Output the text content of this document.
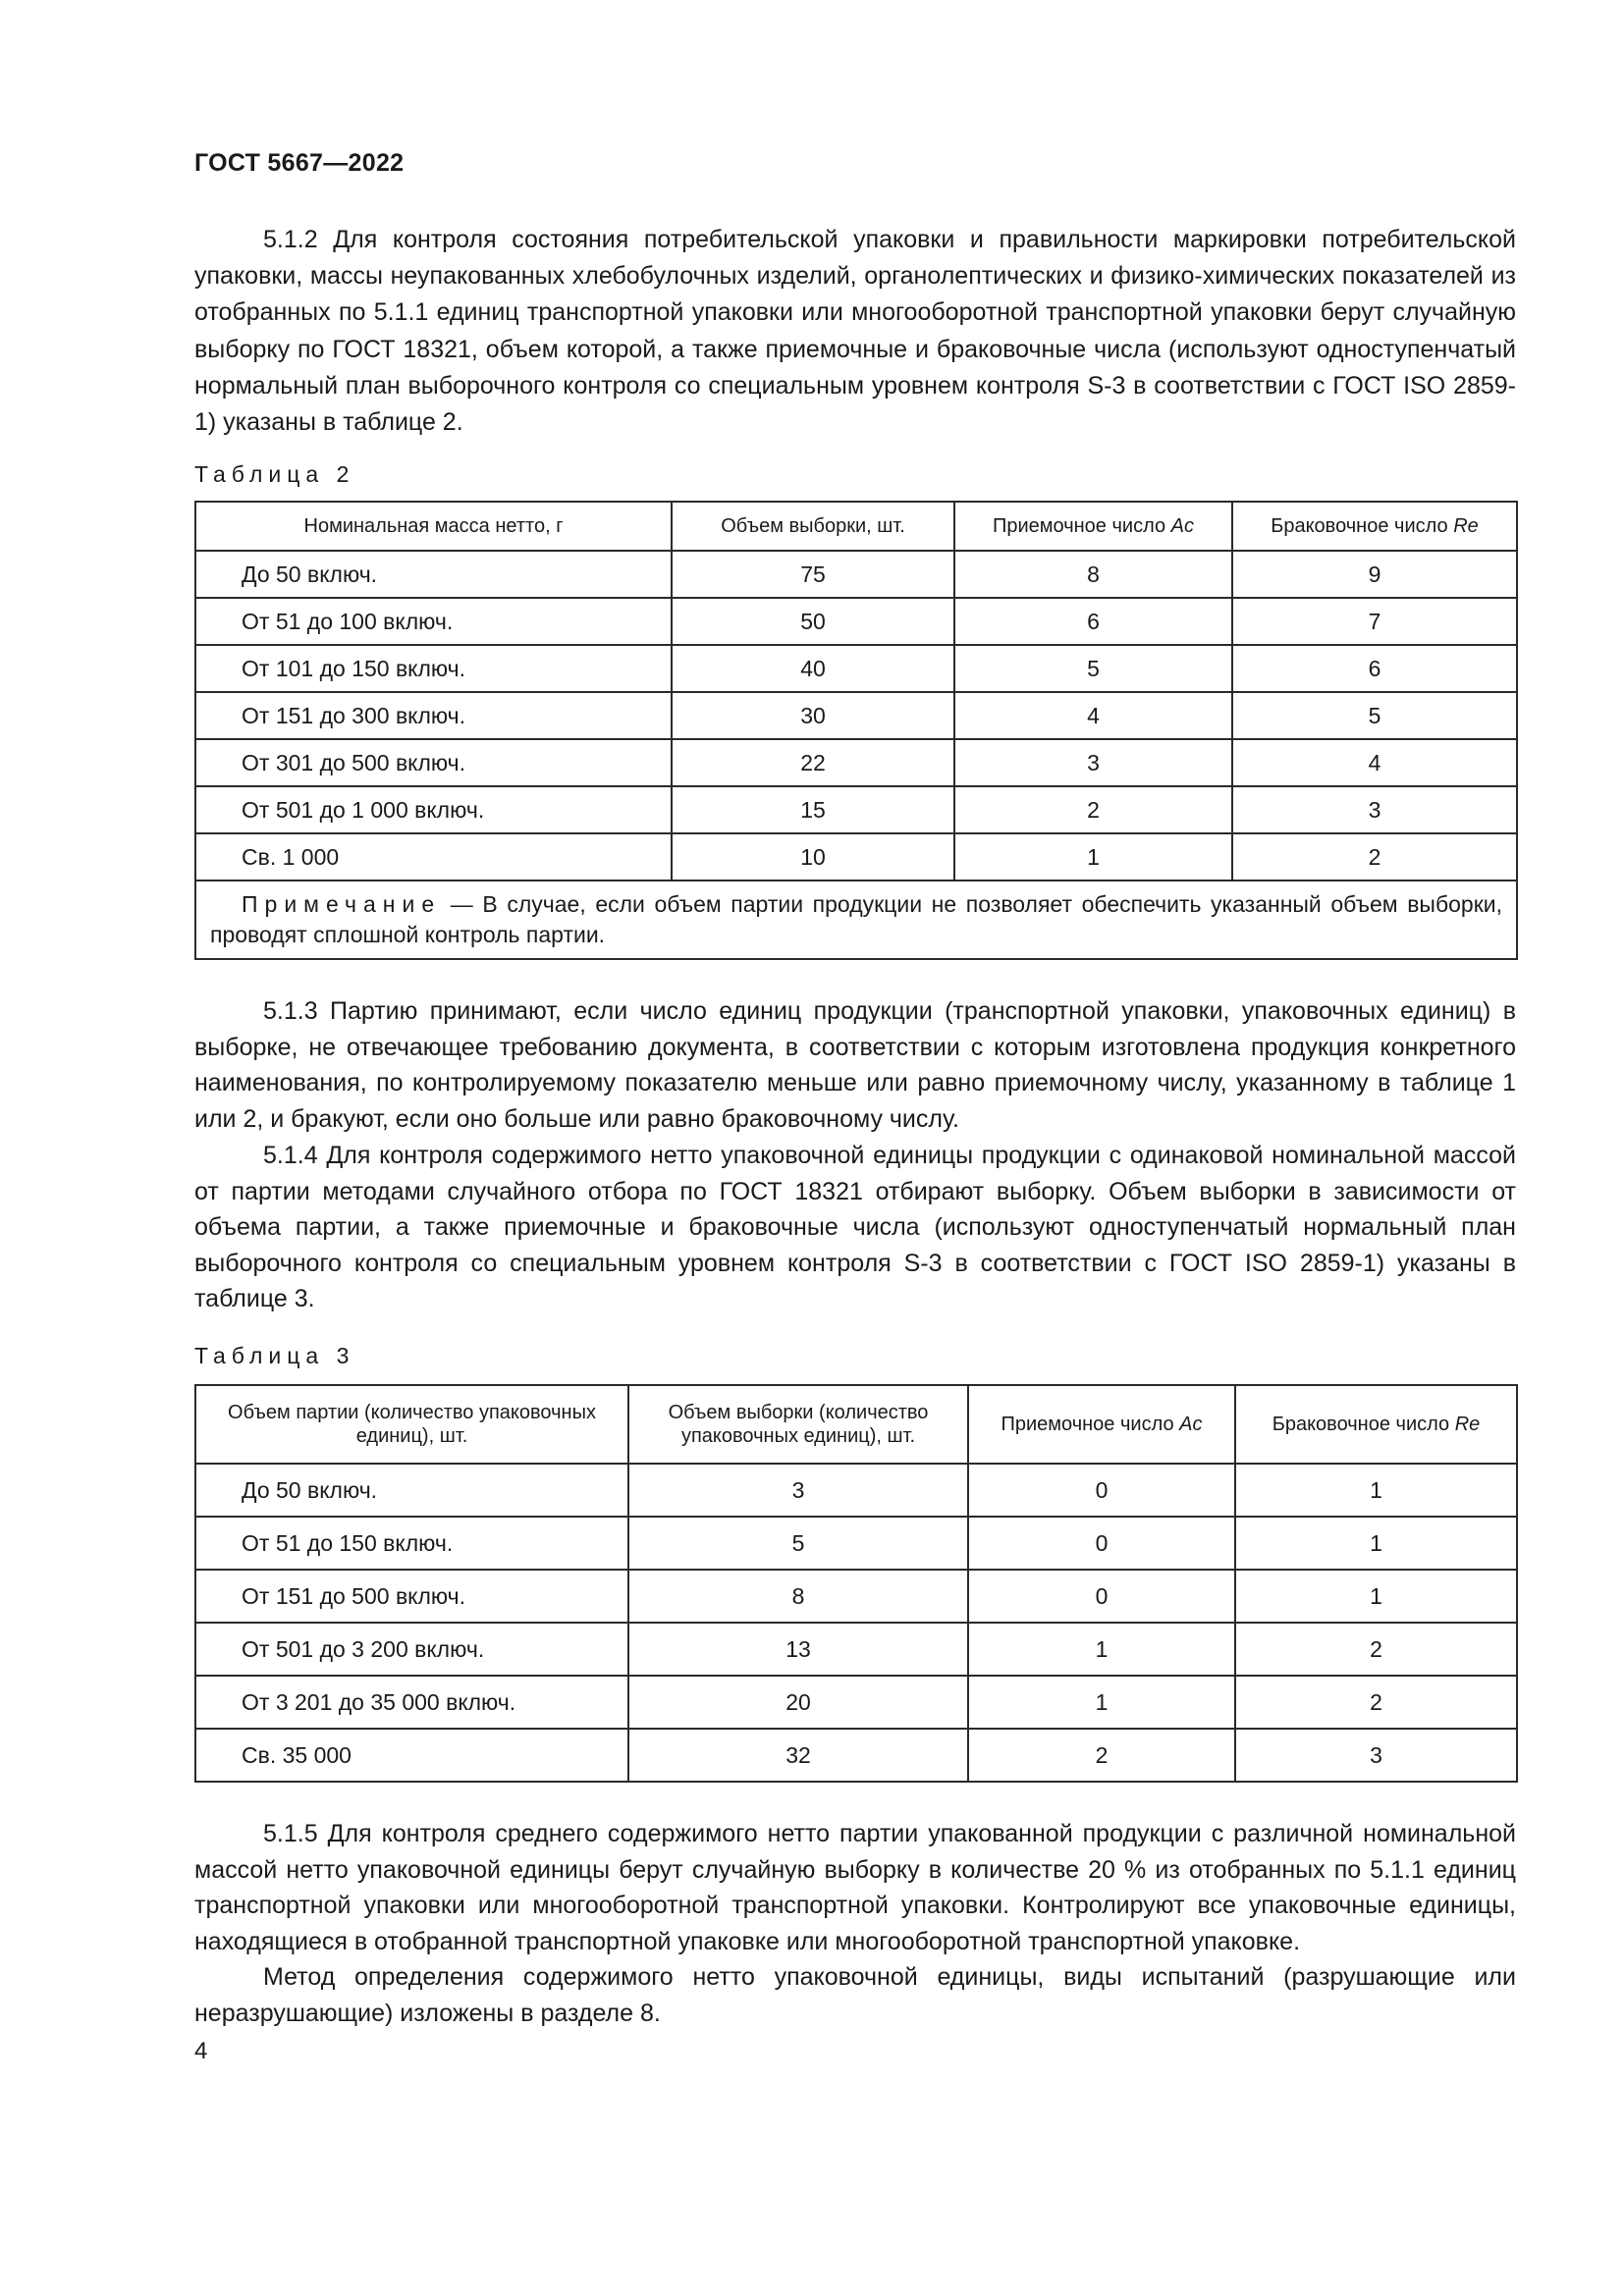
ГОСТ 5667—2022

5.1.2 Для контроля состояния потребительской упаковки и правильности маркировки потребительской упаковки, массы неупакованных хлебобулочных изделий, органолептических и физико-химических показателей из отобранных по 5.1.1 единиц транспортной упаковки или многооборотной транспортной упаковки берут случайную выборку по ГОСТ 18321, объем которой, а также приемочные и браковочные числа (используют одноступенчатый нормальный план выборочного контроля со специальным уровнем контроля S-3 в соответствии с ГОСТ ISO 2859-1) указаны в таблице 2.

Таблица 2
Номинальная масса нетто, г	Объем выборки, шт.	Приемочное число Ac	Браковочное число Re
До 50 включ.	75	8	9
От 51 до 100 включ.	50	6	7
От 101 до 150 включ.	40	5	6
От 151 до 300 включ.	30	4	5
От 301 до 500 включ.	22	3	4
От 501 до 1 000 включ.	15	2	3
Св. 1 000	10	1	2
Примечание — В случае, если объем партии продукции не позволяет обеспечить указанный объем выборки, проводят сплошной контроль партии.			

5.1.3 Партию принимают, если число единиц продукции (транспортной упаковки, упаковочных единиц) в выборке, не отвечающее требованию документа, в соответствии с которым изготовлена продукция конкретного наименования, по контролируемому показателю меньше или равно приемочному числу, указанному в таблице 1 или 2, и бракуют, если оно больше или равно браковочному числу.

5.1.4 Для контроля содержимого нетто упаковочной единицы продукции с одинаковой номинальной массой от партии методами случайного отбора по ГОСТ 18321 отбирают выборку. Объем выборки в зависимости от объема партии, а также приемочные и браковочные числа (используют одноступенчатый нормальный план выборочного контроля со специальным уровнем контроля S-3 в соответствии с ГОСТ ISO 2859-1) указаны в таблице 3.

Таблица 3
Объем партии (количество упаковочных единиц), шт.	Объем выборки (количество упаковочных единиц), шт.	Приемочное число Ac	Браковочное число Re
До 50 включ.	3	0	1
От 51 до 150 включ.	5	0	1
От 151 до 500 включ.	8	0	1
От 501 до 3 200 включ.	13	1	2
От 3 201 до 35 000 включ.	20	1	2
Св. 35 000	32	2	3

5.1.5 Для контроля среднего содержимого нетто партии упакованной продукции с различной номинальной массой нетто упаковочной единицы берут случайную выборку в количестве 20 % из отобранных по 5.1.1 единиц транспортной упаковки или многооборотной транспортной упаковки. Контролируют все упаковочные единицы, находящиеся в отобранной транспортной упаковке или многооборотной транспортной упаковке.

Метод определения содержимого нетто упаковочной единицы, виды испытаний (разрушающие или неразрушающие) изложены в разделе 8.

4
